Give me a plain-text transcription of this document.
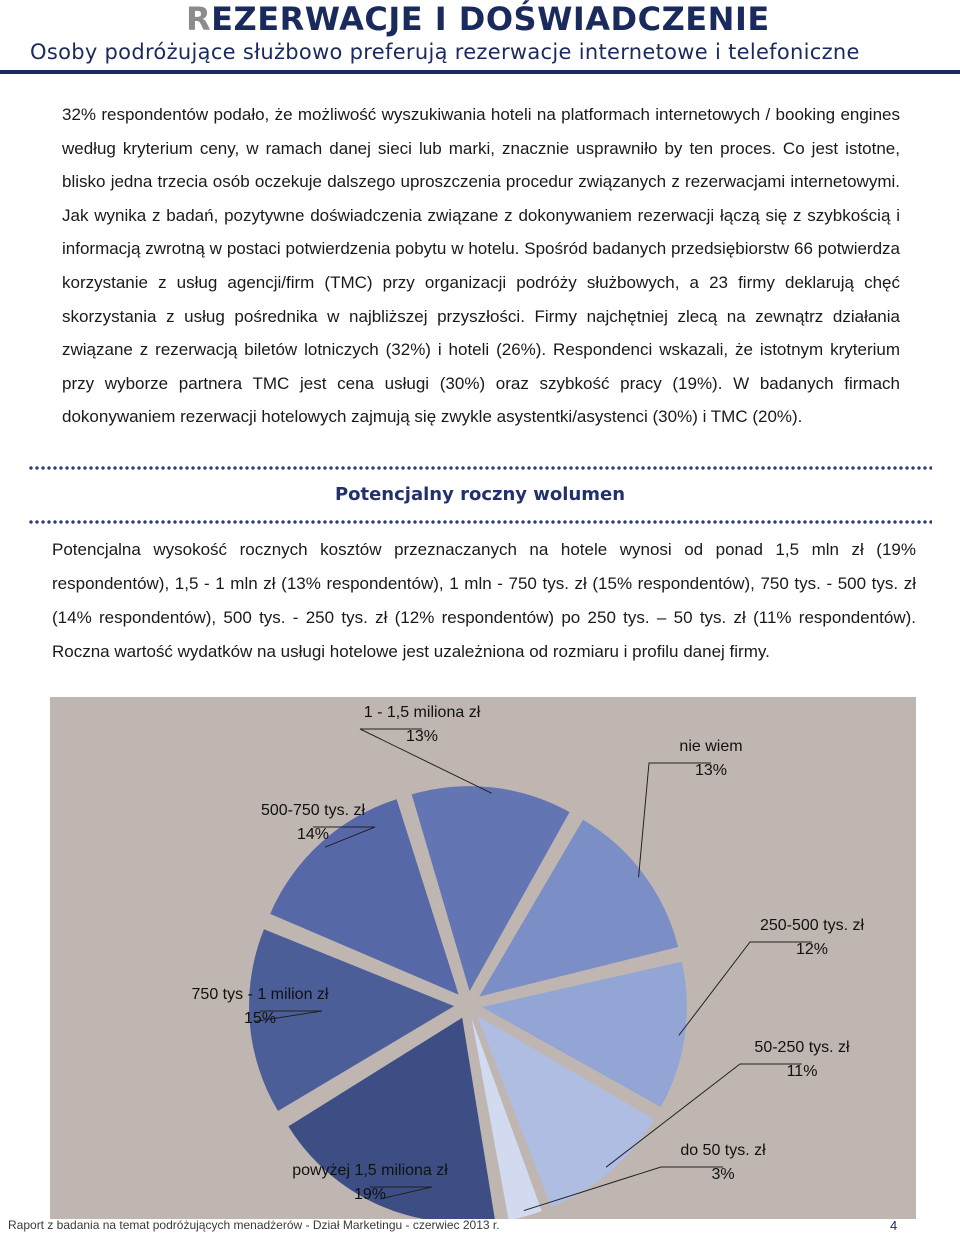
REZERWACJE I DOŚWIADCZENIE
Osoby podróżujące służbowo preferują rezerwacje internetowe i telefoniczne

32% respondentów podało, że możliwość wyszukiwania hoteli na platformach internetowych / booking engines według kryterium ceny, w ramach danej sieci lub marki, znacznie usprawniło by ten proces. Co jest istotne, blisko jedna trzecia osób oczekuje dalszego uproszczenia procedur związanych z rezerwacjami internetowymi. Jak wynika z badań, pozytywne doświadczenia związane z dokonywaniem rezerwacji łączą się z szybkością i informacją zwrotną w postaci potwierdzenia pobytu w hotelu. Spośród badanych przedsiębiorstw 66 potwierdza korzystanie z usług agencji/firm (TMC) przy organizacji podróży służbowych, a 23 firmy deklarują chęć skorzystania z usług pośrednika w najbliższej przyszłości. Firmy najchętniej zlecą na zewnątrz działania związane z rezerwacją biletów lotniczych (32%) i hoteli (26%). Respondenci wskazali, że istotnym kryterium przy wyborze partnera TMC jest cena usługi (30%) oraz szybkość pracy (19%). W badanych firmach dokonywaniem rezerwacji hotelowych zajmują się zwykle asystentki/asystenci (30%) i TMC (20%).

Potencjalny roczny wolumen

Potencjalna wysokość rocznych kosztów przeznaczanych na hotele wynosi od ponad 1,5 mln zł (19% respondentów), 1,5 - 1 mln zł (13% respondentów), 1 mln - 750 tys. zł (15% respondentów), 750 tys. - 500 tys. zł (14% respondentów), 500 tys. - 250 tys. zł (12% respondentów) po 250 tys. – 50 tys. zł (11% respondentów). Roczna wartość wydatków na usługi hotelowe jest uzależniona od rozmiaru i profilu danej firmy.

1 - 1,5 miliona zł
13%
nie wiem
13%
250-500 tys. zł
12%
50-250 tys. zł
11%
do 50 tys. zł
3%
powyżej 1,5 miliona zł
19%
750 tys - 1 milion zł
15%
500-750 tys. zł
14%
Raport z badania na temat podróżujących menadżerów - Dział Marketingu - czerwiec 2013 r.	4
